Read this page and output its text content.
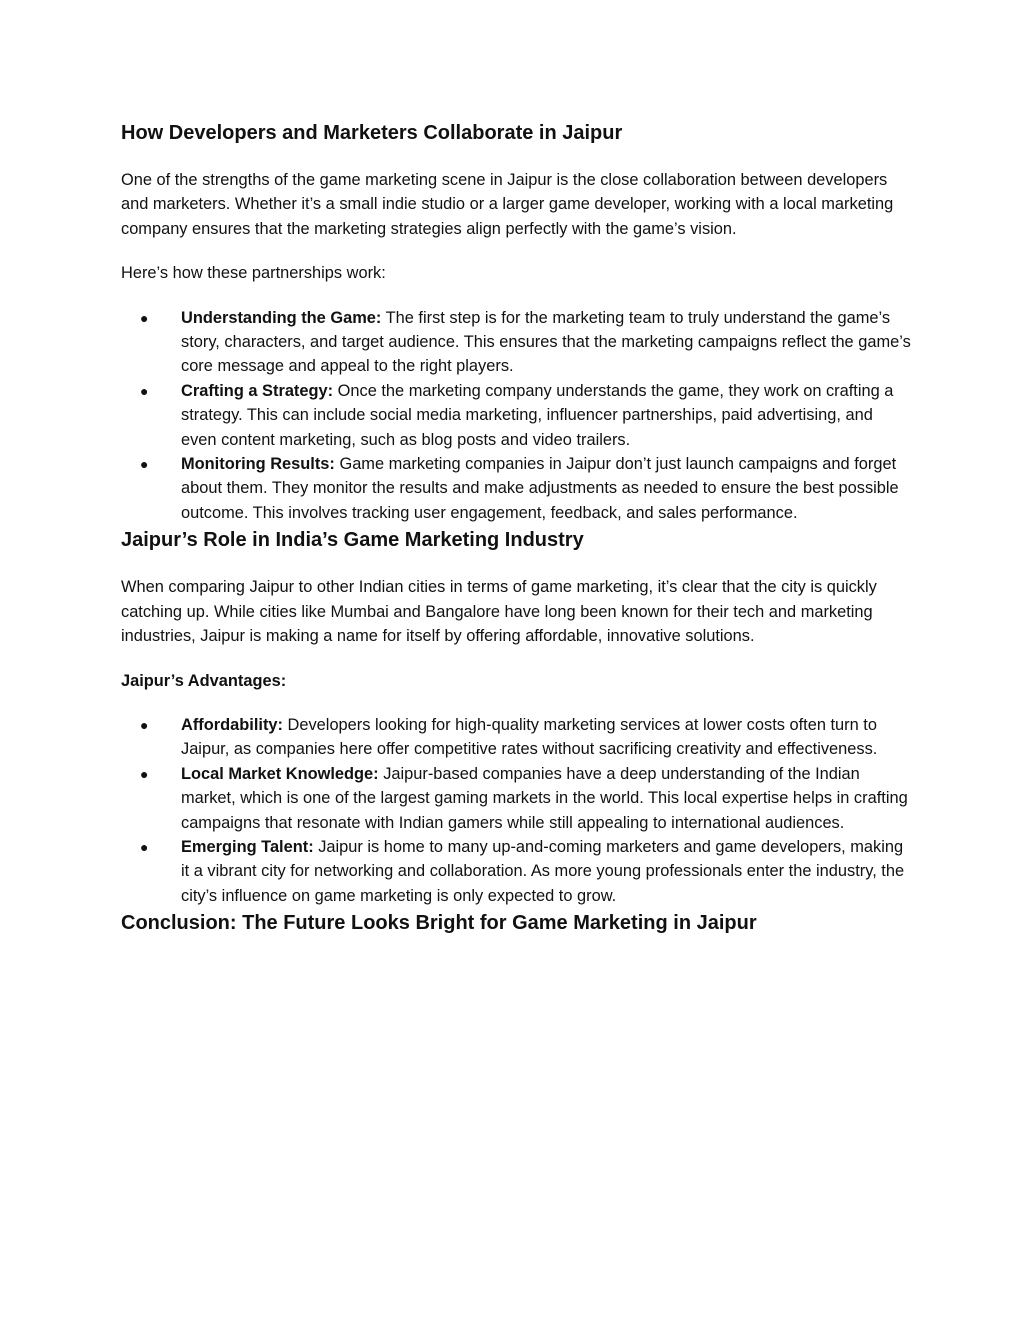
How Developers and Marketers Collaborate in Jaipur

One of the strengths of the game marketing scene in Jaipur is the close collaboration between developers and marketers. Whether it’s a small indie studio or a larger game developer, working with a local marketing company ensures that the marketing strategies align perfectly with the game’s vision.

Here’s how these partnerships work:

● Understanding the Game: The first step is for the marketing team to truly understand the game’s story, characters, and target audience. This ensures that the marketing campaigns reflect the game’s core message and appeal to the right players.
● Crafting a Strategy: Once the marketing company understands the game, they work on crafting a strategy. This can include social media marketing, influencer partnerships, paid advertising, and even content marketing, such as blog posts and video trailers.
● Monitoring Results: Game marketing companies in Jaipur don’t just launch campaigns and forget about them. They monitor the results and make adjustments as needed to ensure the best possible outcome. This involves tracking user engagement, feedback, and sales performance.
Jaipur’s Role in India’s Game Marketing Industry

When comparing Jaipur to other Indian cities in terms of game marketing, it’s clear that the city is quickly catching up. While cities like Mumbai and Bangalore have long been known for their tech and marketing industries, Jaipur is making a name for itself by offering affordable, innovative solutions.

Jaipur’s Advantages:

● Affordability: Developers looking for high-quality marketing services at lower costs often turn to Jaipur, as companies here offer competitive rates without sacrificing creativity and effectiveness.
● Local Market Knowledge: Jaipur-based companies have a deep understanding of the Indian market, which is one of the largest gaming markets in the world. This local expertise helps in crafting campaigns that resonate with Indian gamers while still appealing to international audiences.
● Emerging Talent: Jaipur is home to many up-and-coming marketers and game developers, making it a vibrant city for networking and collaboration. As more young professionals enter the industry, the city’s influence on game marketing is only expected to grow.
Conclusion: The Future Looks Bright for Game Marketing in Jaipur
